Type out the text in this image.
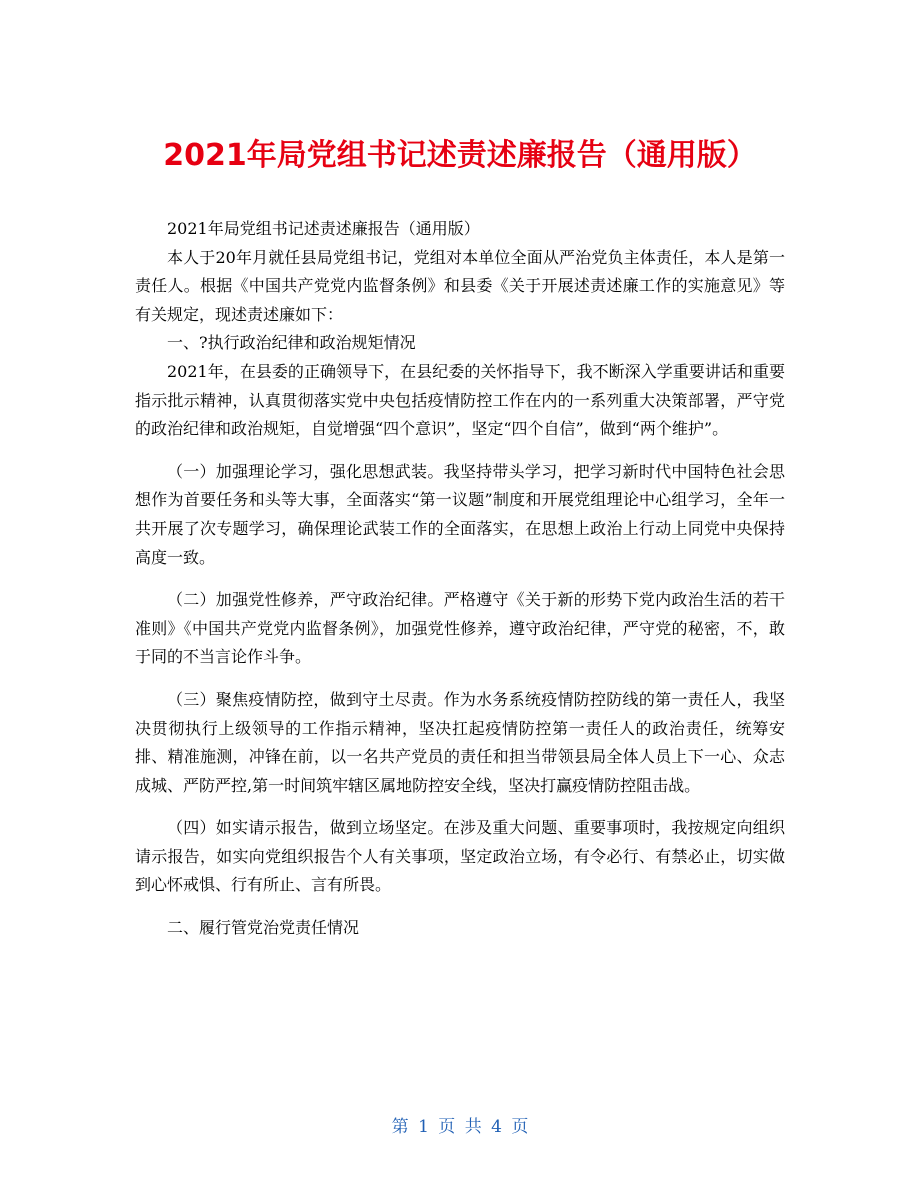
2021年局党组书记述责述廉报告（通用版）

2021年局党组书记述责述廉报告（通用版）

本人于20年月就任县局党组书记，党组对本单位全面从严治党负主体责任，本人是第一责任人。根据《中国共产党党内监督条例》和县委《关于开展述责述廉工作的实施意见》等有关规定，现述责述廉如下：

一、?执行政治纪律和政治规矩情况

2021年，在县委的正确领导下，在县纪委的关怀指导下，我不断深入学重要讲话和重要指示批示精神，认真贯彻落实党中央包括疫情防控工作在内的一系列重大决策部署，严守党的政治纪律和政治规矩，自觉增强“四个意识”，坚定“四个自信”，做到“两个维护”。

（一）加强理论学习，强化思想武装。我坚持带头学习，把学习新时代中国特色社会思想作为首要任务和头等大事，全面落实“第一议题”制度和开展党组理论中心组学习，全年一共开展了次专题学习，确保理论武装工作的全面落实，在思想上政治上行动上同党中央保持高度一致。

（二）加强党性修养，严守政治纪律。严格遵守《关于新的形势下党内政治生活的若干准则》《中国共产党党内监督条例》，加强党性修养，遵守政治纪律，严守党的秘密，不，敢于同的不当言论作斗争。

（三）聚焦疫情防控，做到守土尽责。作为水务系统疫情防控防线的第一责任人，我坚决贯彻执行上级领导的工作指示精神，坚决扛起疫情防控第一责任人的政治责任，统筹安排、精准施测，冲锋在前，以一名共产党员的责任和担当带领县局全体人员上下一心、众志成城、严防严控,第一时间筑牢辖区属地防控安全线，坚决打赢疫情防控阻击战。

（四）如实请示报告，做到立场坚定。在涉及重大问题、重要事项时，我按规定向组织请示报告，如实向党组织报告个人有关事项，坚定政治立场，有令必行、有禁必止，切实做到心怀戒惧、行有所止、言有所畏。

二、履行管党治党责任情况

第 1 页 共 4 页
